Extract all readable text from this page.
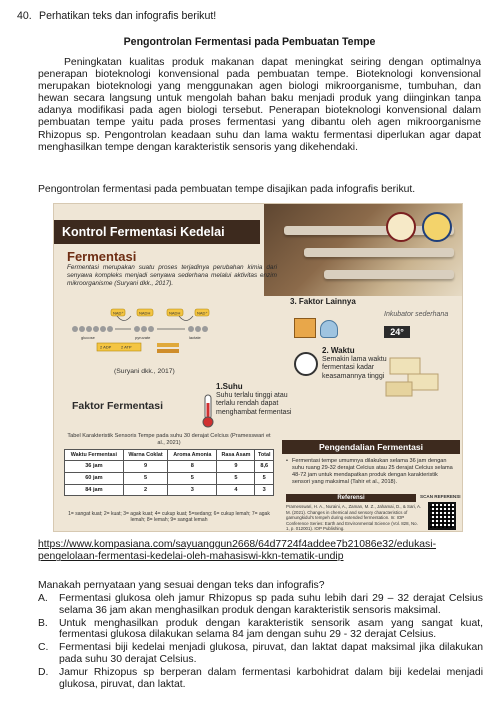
40. Perhatikan teks dan infografis berikut!
Pengontrolan Fermentasi pada Pembuatan Tempe
Peningkatan kualitas produk makanan dapat meningkat seiring dengan optimalnya penerapan bioteknologi konvensional pada pembuatan tempe. Bioteknologi konvensional merupakan bioteknologi yang menggunakan agen biologi mikroorganisme, tumbuhan, dan hewan secara langsung untuk mengolah bahan baku menjadi produk yang diinginkan tanpa adanya modifikasi pada agen biologi tersebut. Penerapan bioteknologi konvensional dalam pembuatan tempe yaitu pada proses fermentasi yang dibantu oleh agen mikroorganisme Rhizopus sp. Pengontrolan keadaan suhu dan lama waktu fermentasi diperlukan agar dapat menghasilkan tempe dengan karakteristik sensoris yang dikehendaki.
Pengontrolan fermentasi pada pembuatan tempe disajikan pada infografis berikut.
Kontrol Fermentasi Kedelai
Fermentasi
Fermentasi merupakan suatu proses terjadinya perubahan kimia dari senyawa kompleks menjadi senyawa sederhana melalui aktivitas enzim mikroorganisme (Suryani dkk., 2017).
NAD⁺	NADH	NADH	NAD⁺
glucose	pyruvate	lactate
2 ADP 2 ATP
(Suryani dkk., 2017)
3. Faktor Lainnya
Inkubator sederhana
24°
2. Waktu
Semakin lama waktu fermentasi kadar keasamannya tinggi
Faktor Fermentasi
1.Suhu
Suhu terlalu tinggi atau terlalu rendah dapat menghambat fermentasi
Tabel Karakteristik Sensoris Tempe pada suhu 30 derajat Celcius (Pramesswari et al., 2021)
Waktu Fermentasi	Warna Coklat	Aroma Amonia	Rasa Asam	Total
36 jam	9	8	9	8,6
60 jam	5	5	5	5
84 jam	2	3	4	3
1= sangat kuat; 2= kuat; 3= agak kuat; 4= cukup kuat; 5=sedang; 6= cukup lemah; 7= agak lemah; 8= lemah; 9= sangat lemah
Pengendalian Fermentasi
• Fermentasi tempe umumnya dilakukan selama 36 jam dengan suhu ruang 29-32 derajat Celcius atau 25 derajat Celcius selama 48-72 jam untuk mendapatkan produk dengan karakteristik sensori yang maksimal (Tahir et al., 2018).
Referensi	SCAN REFERENSI
Pramesswari, H. A., Nuraini, A., Zaman, M. Z., Jahamai, D., & Sari, A. M. (2021). Changes in chemical and sensory characteristics of gamungkidul's tempeh during extended fermentation. In: IOP Conference Series: Earth and Environmental Science (Vol. 828, No. 1, p. 012001). IOP Publishing.
https://www.kompasiana.com/sayuanggun2668/64d7724f4addee7b21086e32/edukasi-pengelolaan-fermentasi-kedelai-oleh-mahasiswi-kkn-tematik-undip
Manakah pernyataan yang sesuai dengan teks dan infografis?
A. Fermentasi glukosa oleh jamur Rhizopus sp pada suhu lebih dari 29 – 32 derajat Celsius selama 36 jam akan menghasilkan produk dengan karakteristik sensoris maksimal.
B. Untuk menghasilkan produk dengan karakteristik sensorik asam yang sangat kuat, fermentasi glukosa dilakukan selama 84 jam dengan suhu 29 - 32 derajat Celsius.
C. Fermentasi biji kedelai menjadi glukosa, piruvat, dan laktat dapat maksimal jika dilakukan pada suhu 30 derajat Celsius.
D. Jamur Rhizopus sp berperan dalam fermentasi karbohidrat dalam biji kedelai menjadi glukosa, piruvat, dan laktat.
